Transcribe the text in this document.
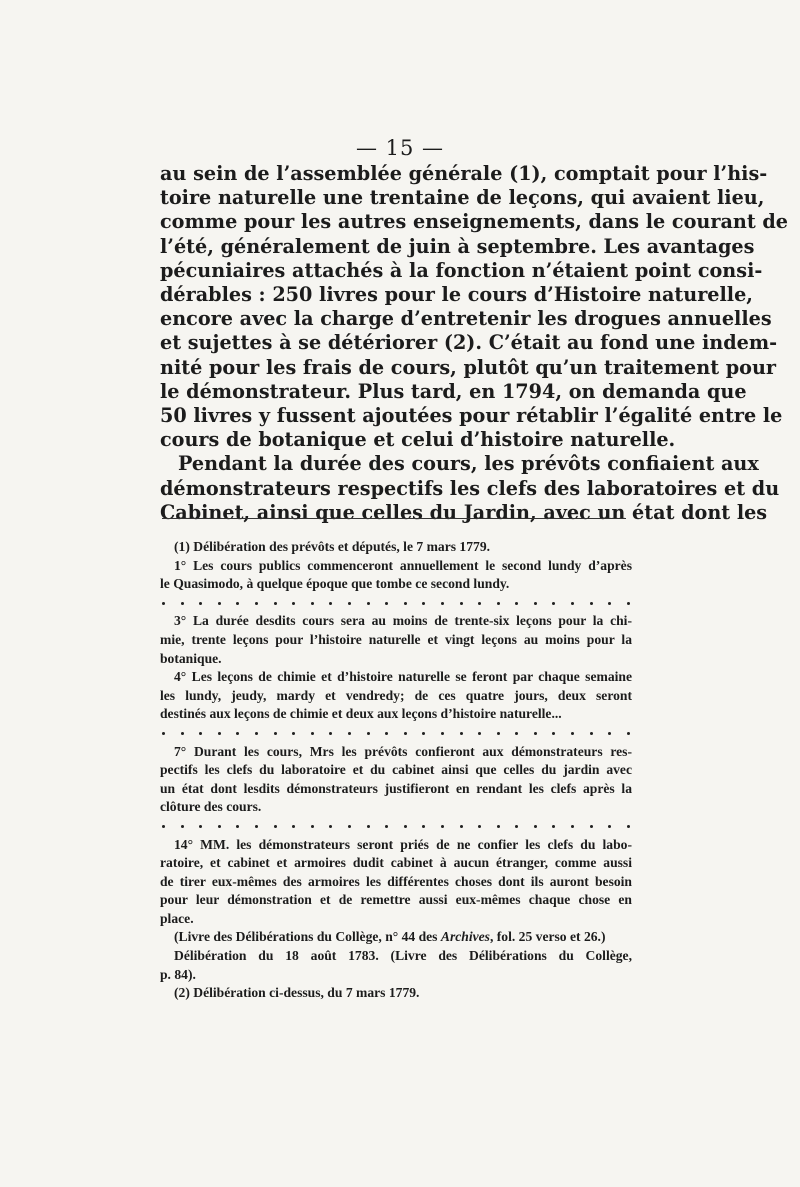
— 15 —
au sein de l’assemblée générale (1), comptait pour l’his-
toire naturelle une trentaine de leçons, qui avaient lieu,
comme pour les autres enseignements, dans le courant de
l’été, généralement de juin à septembre. Les avantages
pécuniaires attachés à la fonction n’étaient point consi-
dérables : 250 livres pour le cours d’Histoire naturelle,
encore avec la charge d’entretenir les drogues annuelles
et sujettes à se détériorer (2). C’était au fond une indem-
nité pour les frais de cours, plutôt qu’un traitement pour
le démonstrateur. Plus tard, en 1794, on demanda que
50 livres y fussent ajoutées pour rétablir l’égalité entre le
cours de botanique et celui d’histoire naturelle.
Pendant la durée des cours, les prévôts confiaient aux
démonstrateurs respectifs les clefs des laboratoires et du
Cabinet, ainsi que celles du Jardin, avec un état dont les
(1) Délibération des prévôts et députés, le 7 mars 1779.
1° Les cours publics commenceront annuellement le second lundy d’après
le Quasimodo, à quelque époque que tombe ce second lundy.
3° La durée desdits cours sera au moins de trente-six leçons pour la chi-
mie, trente leçons pour l’histoire naturelle et vingt leçons au moins pour la
botanique.
4° Les leçons de chimie et d’histoire naturelle se feront par chaque semaine
les lundy, jeudy, mardy et vendredy; de ces quatre jours, deux seront
destinés aux leçons de chimie et deux aux leçons d’histoire naturelle...
7° Durant les cours, Mrs les prévôts confieront aux démonstrateurs res-
pectifs les clefs du laboratoire et du cabinet ainsi que celles du jardin avec
un état dont lesdits démonstrateurs justifieront en rendant les clefs après la
clôture des cours.
14° MM. les démonstrateurs seront priés de ne confier les clefs du labo-
ratoire, et cabinet et armoires dudit cabinet à aucun étranger, comme aussi
de tirer eux-mêmes des armoires les différentes choses dont ils auront besoin
pour leur démonstration et de remettre aussi eux-mêmes chaque chose en
place.
(Livre des Délibérations du Collège, n° 44 des Archives, fol. 25 verso et 26.)
Délibération du 18 août 1783. (Livre des Délibérations du Collège,
p. 84).
(2) Délibération ci-dessus, du 7 mars 1779.
